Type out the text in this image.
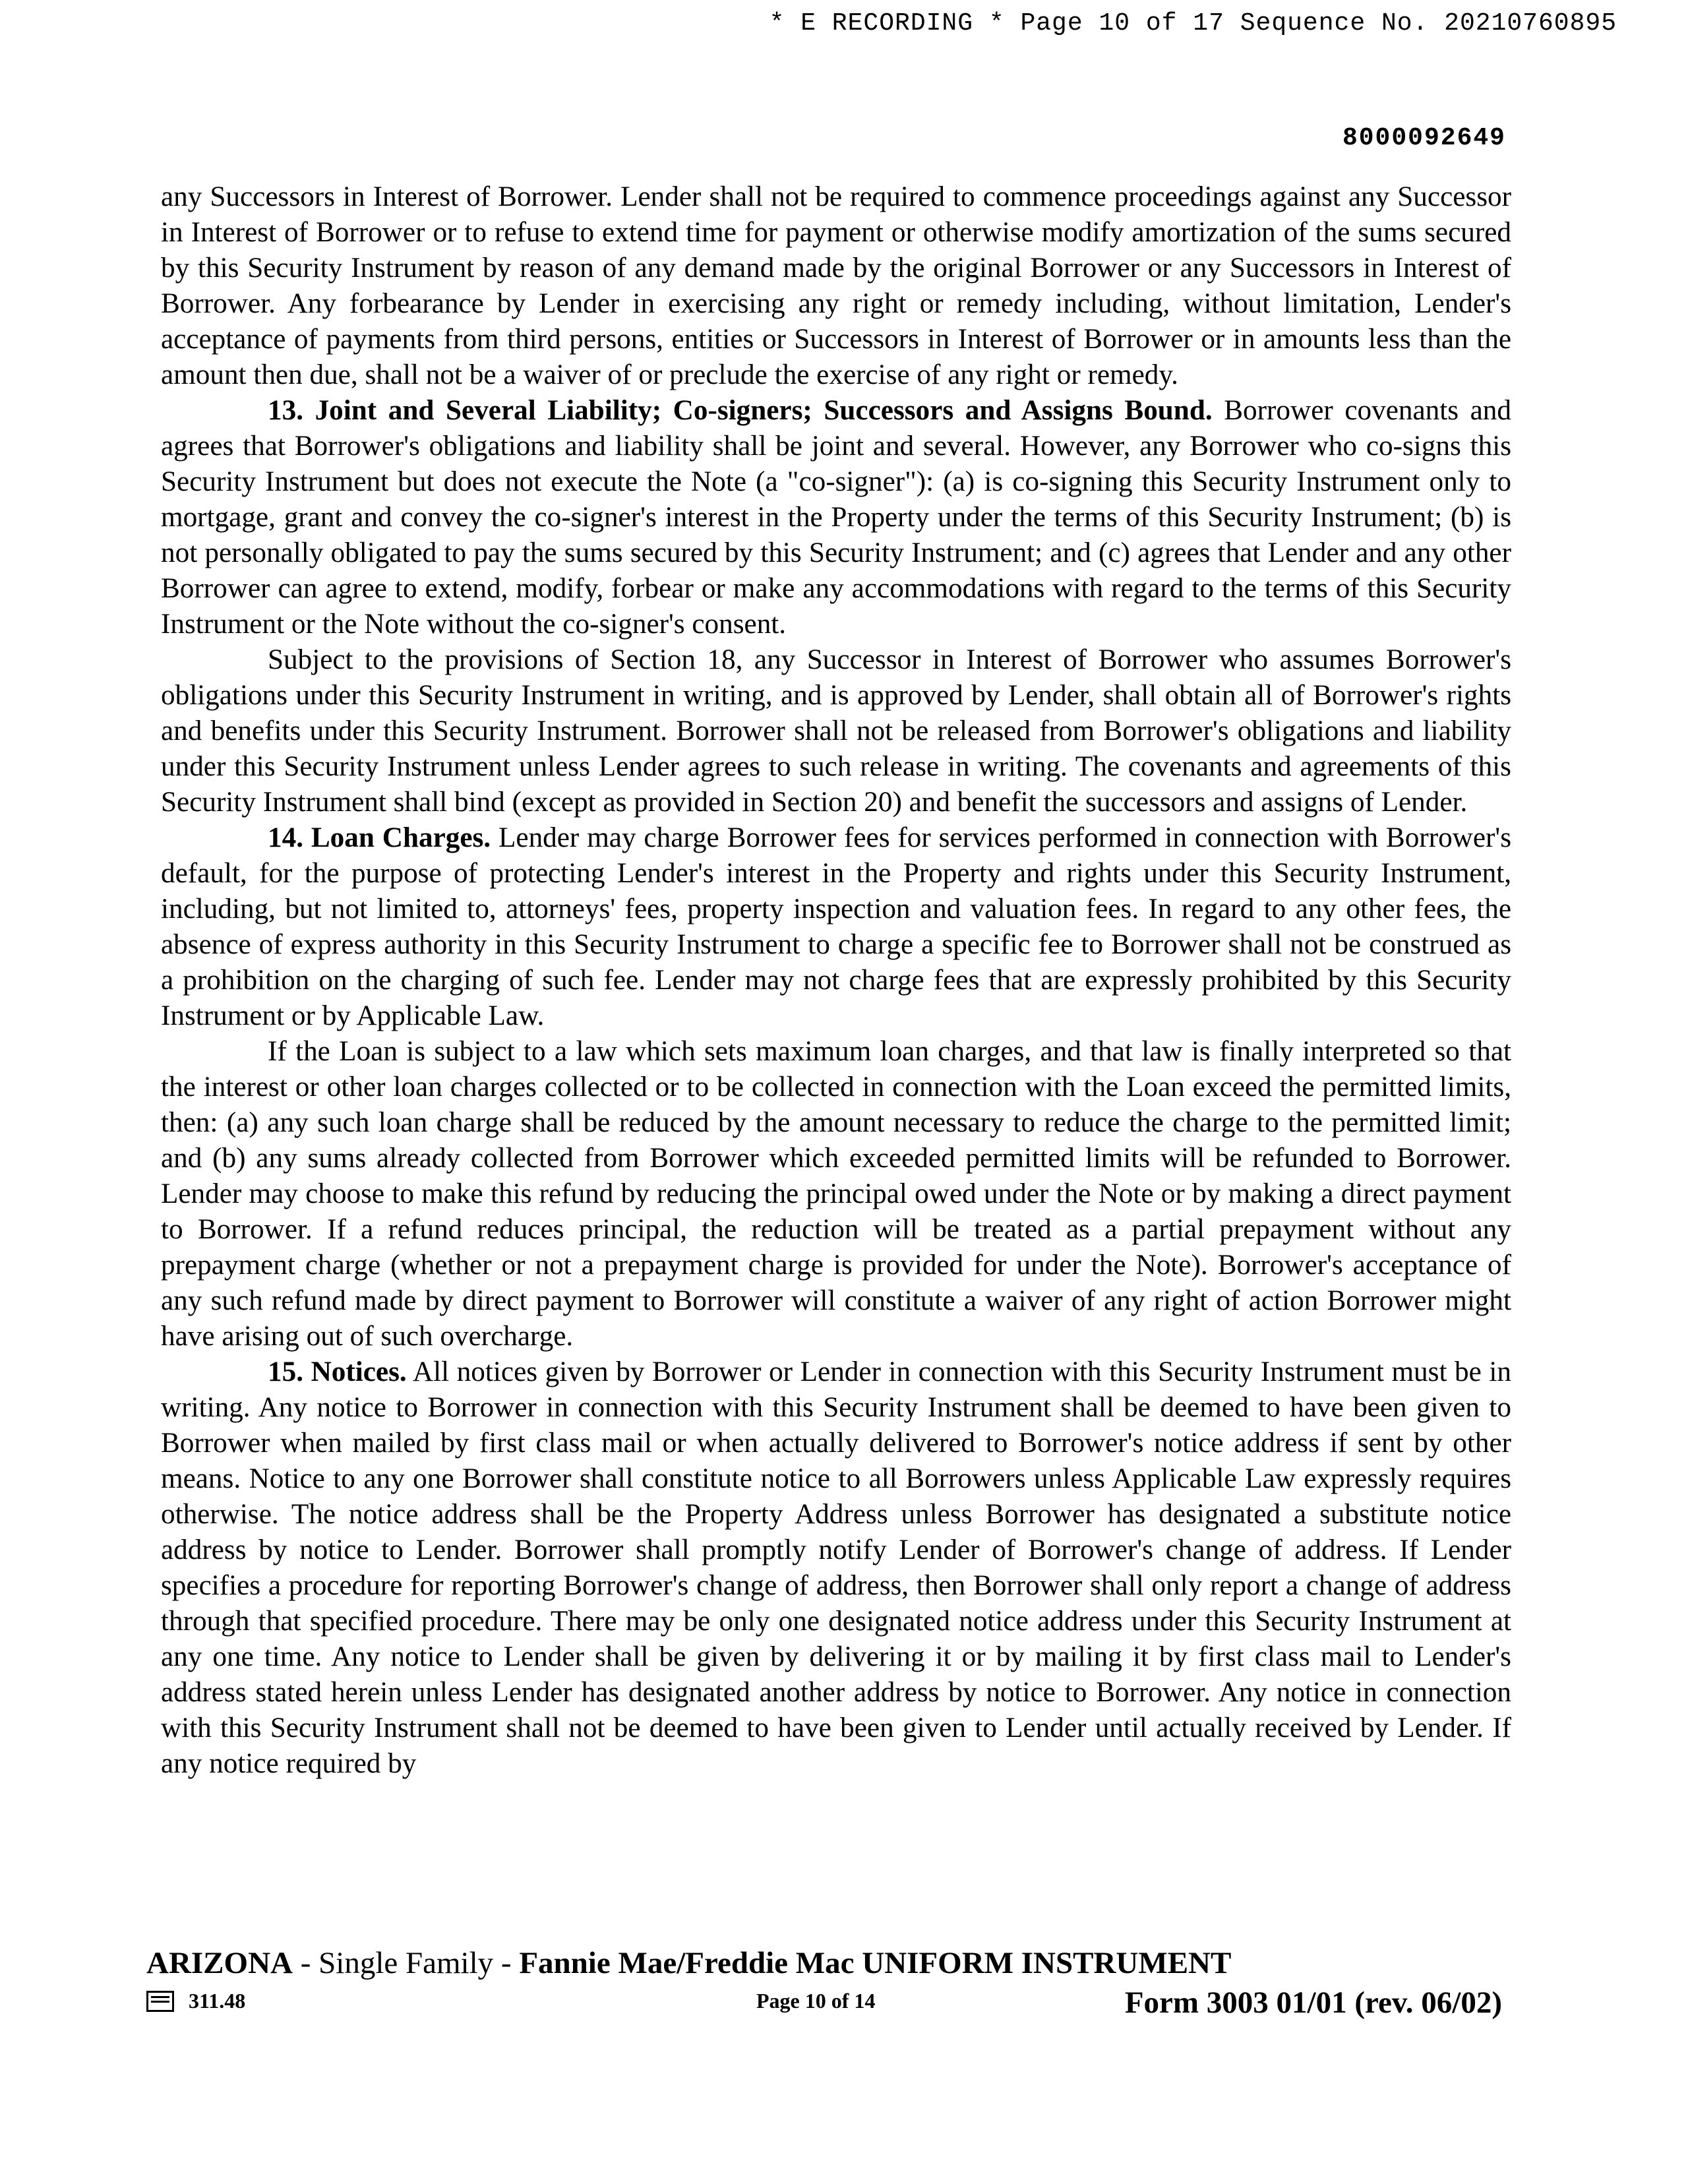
* E RECORDING * Page 10 of 17 Sequence No. 20210760895
8000092649

any Successors in Interest of Borrower. Lender shall not be required to commence proceedings against any Successor in Interest of Borrower or to refuse to extend time for payment or otherwise modify amortization of the sums secured by this Security Instrument by reason of any demand made by the original Borrower or any Successors in Interest of Borrower. Any forbearance by Lender in exercising any right or remedy including, without limitation, Lender's acceptance of payments from third persons, entities or Successors in Interest of Borrower or in amounts less than the amount then due, shall not be a waiver of or preclude the exercise of any right or remedy.

13. Joint and Several Liability; Co-signers; Successors and Assigns Bound. Borrower covenants and agrees that Borrower's obligations and liability shall be joint and several. However, any Borrower who co-signs this Security Instrument but does not execute the Note (a "co-signer"): (a) is co-signing this Security Instrument only to mortgage, grant and convey the co-signer's interest in the Property under the terms of this Security Instrument; (b) is not personally obligated to pay the sums secured by this Security Instrument; and (c) agrees that Lender and any other Borrower can agree to extend, modify, forbear or make any accommodations with regard to the terms of this Security Instrument or the Note without the co-signer's consent.

Subject to the provisions of Section 18, any Successor in Interest of Borrower who assumes Borrower's obligations under this Security Instrument in writing, and is approved by Lender, shall obtain all of Borrower's rights and benefits under this Security Instrument. Borrower shall not be released from Borrower's obligations and liability under this Security Instrument unless Lender agrees to such release in writing. The covenants and agreements of this Security Instrument shall bind (except as provided in Section 20) and benefit the successors and assigns of Lender.

14. Loan Charges. Lender may charge Borrower fees for services performed in connection with Borrower's default, for the purpose of protecting Lender's interest in the Property and rights under this Security Instrument, including, but not limited to, attorneys' fees, property inspection and valuation fees. In regard to any other fees, the absence of express authority in this Security Instrument to charge a specific fee to Borrower shall not be construed as a prohibition on the charging of such fee. Lender may not charge fees that are expressly prohibited by this Security Instrument or by Applicable Law.

If the Loan is subject to a law which sets maximum loan charges, and that law is finally interpreted so that the interest or other loan charges collected or to be collected in connection with the Loan exceed the permitted limits, then: (a) any such loan charge shall be reduced by the amount necessary to reduce the charge to the permitted limit; and (b) any sums already collected from Borrower which exceeded permitted limits will be refunded to Borrower. Lender may choose to make this refund by reducing the principal owed under the Note or by making a direct payment to Borrower. If a refund reduces principal, the reduction will be treated as a partial prepayment without any prepayment charge (whether or not a prepayment charge is provided for under the Note). Borrower's acceptance of any such refund made by direct payment to Borrower will constitute a waiver of any right of action Borrower might have arising out of such overcharge.

15. Notices. All notices given by Borrower or Lender in connection with this Security Instrument must be in writing. Any notice to Borrower in connection with this Security Instrument shall be deemed to have been given to Borrower when mailed by first class mail or when actually delivered to Borrower's notice address if sent by other means. Notice to any one Borrower shall constitute notice to all Borrowers unless Applicable Law expressly requires otherwise. The notice address shall be the Property Address unless Borrower has designated a substitute notice address by notice to Lender. Borrower shall promptly notify Lender of Borrower's change of address. If Lender specifies a procedure for reporting Borrower's change of address, then Borrower shall only report a change of address through that specified procedure. There may be only one designated notice address under this Security Instrument at any one time. Any notice to Lender shall be given by delivering it or by mailing it by first class mail to Lender's address stated herein unless Lender has designated another address by notice to Borrower. Any notice in connection with this Security Instrument shall not be deemed to have been given to Lender until actually received by Lender. If any notice required by

ARIZONA - Single Family - Fannie Mae/Freddie Mac UNIFORM INSTRUMENT
311.48	Page 10 of 14	Form 3003 01/01 (rev. 06/02)
